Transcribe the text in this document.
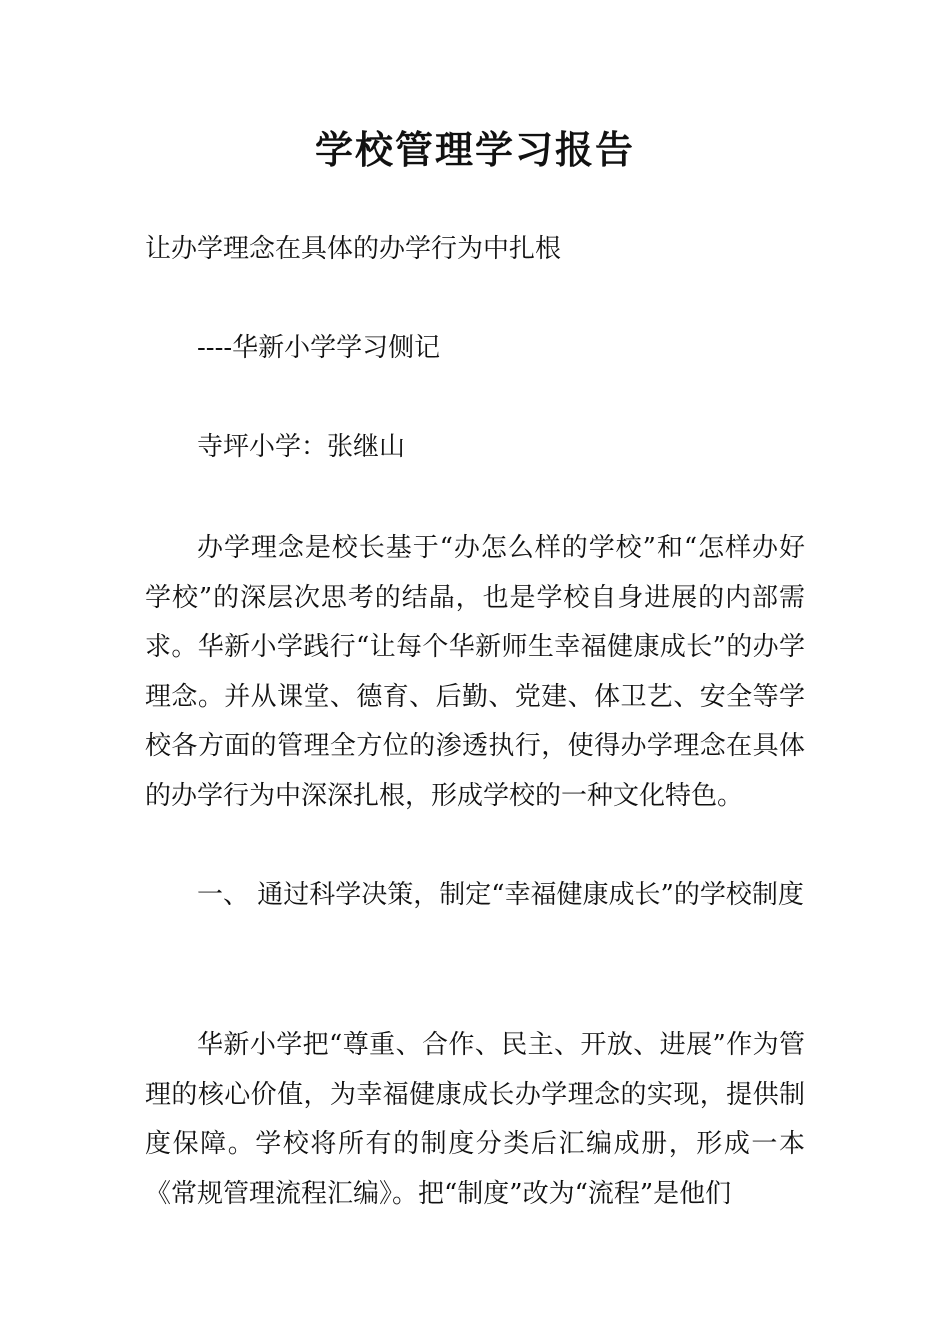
学校管理学习报告

让办学理念在具体的办学行为中扎根

----华新小学学习侧记

寺坪小学：张继山

办学理念是校长基于“办怎么样的学校”和“怎样办好学校”的深层次思考的结晶，也是学校自身进展的内部需求。华新小学践行“让每个华新师生幸福健康成长”的办学理念。并从课堂、德育、后勤、党建、体卫艺、安全等学校各方面的管理全方位的渗透执行，使得办学理念在具体的办学行为中深深扎根，形成学校的一种文化特色。

一、 通过科学决策，制定“幸福健康成长”的学校制度

华新小学把“尊重、合作、民主、开放、进展”作为管理的核心价值，为幸福健康成长办学理念的实现，提供制度保障。学校将所有的制度分类后汇编成册，形成一本《常规管理流程汇编》。把“制度”改为“流程”是他们
